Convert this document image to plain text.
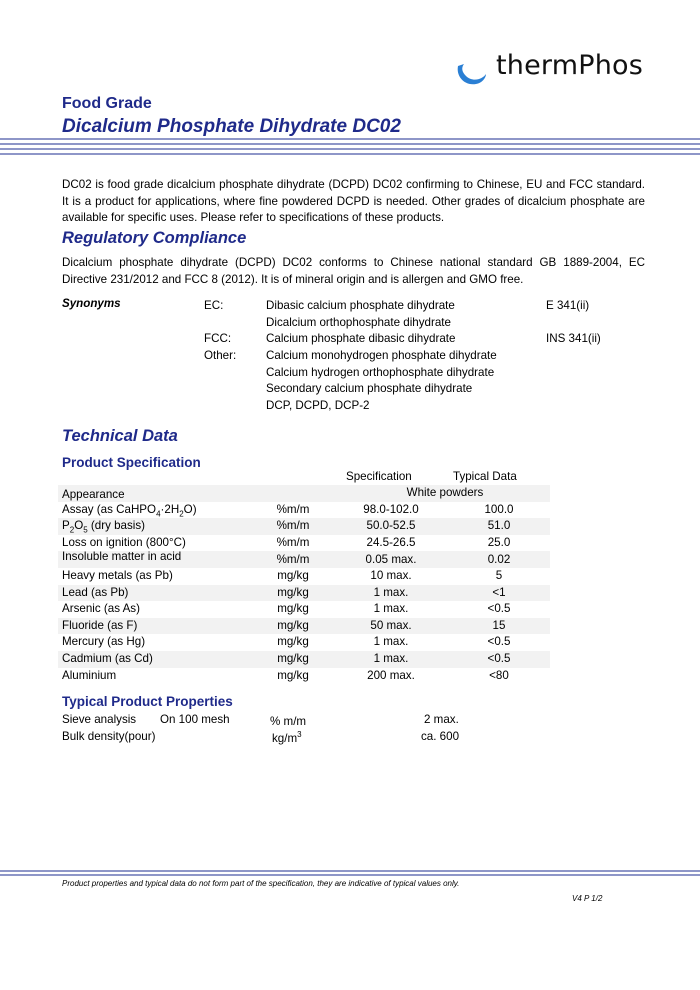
thermPhos
Food Grade
Dicalcium Phosphate Dihydrate DC02
DC02 is food grade dicalcium phosphate dihydrate (DCPD) DC02 confirming to Chinese, EU and FCC standard. It is a product for applications, where fine powdered DCPD is needed. Other grades of dicalcium phosphate are available for specific uses. Please refer to specifications of these products.
Regulatory Compliance
Dicalcium phosphate dihydrate (DCPD) DC02 conforms to Chinese national standard GB 1889-2004, EC Directive 231/2012 and FCC 8 (2012). It is of mineral origin and is allergen and GMO free.
Synonyms	EC:	Dibasic calcium phosphate dihydrate	E 341(ii)
Dicalcium orthophosphate dihydrate
FCC:	Calcium phosphate dibasic dihydrate	INS 341(ii)
Other:	Calcium monohydrogen phosphate dihydrate
Calcium hydrogen orthophosphate dihydrate
Secondary calcium phosphate dihydrate
DCP, DCPD, DCP-2
Technical Data
Product Specification
Specification	Typical Data
Appearance	White powders
Assay (as $CaHPO_4\cdot 2H_2O$)	%m/m	98.0-102.0	100.0
$P_2O_5$ (dry basis)	%m/m	50.0-52.5	51.0
Loss on ignition (800°C)	%m/m	24.5-26.5	25.0
Insoluble matter in acid	%m/m	0.05 max.	0.02
Heavy metals (as Pb)	mg/kg	10 max.	5
Lead (as Pb)	mg/kg	1 max.	<1
Arsenic (as As)	mg/kg	1 max.	<0.5
Fluoride (as F)	mg/kg	50 max.	15
Mercury (as Hg)	mg/kg	1 max.	<0.5
Cadmium (as Cd)	mg/kg	1 max.	<0.5
Aluminium	mg/kg	200 max.	<80
Typical Product Properties
Sieve analysis On 100 mesh	% m/m	2 max.
Bulk density(pour)	$kg/m^3$	ca. 600
Product properties and typical data do not form part of the specification, they are indicative of typical values only.
V4 P 1/2
